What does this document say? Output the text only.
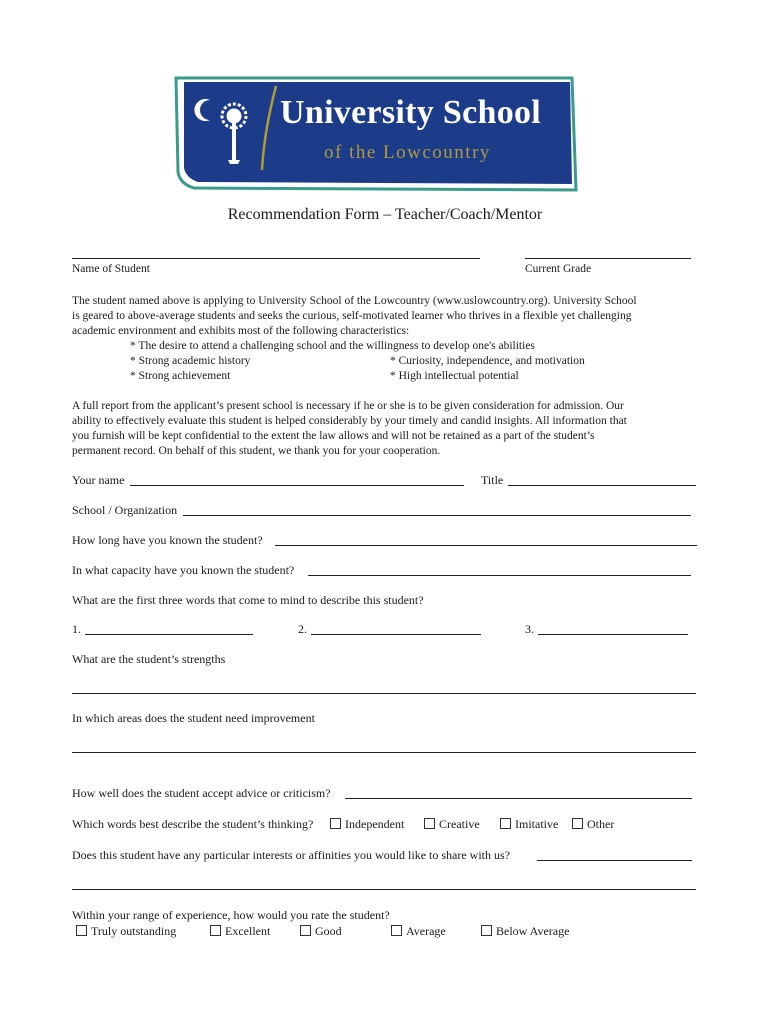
University School
of the Lowcountry
Recommendation Form – Teacher/Coach/Mentor
Name of Student	Current Grade
The student named above is applying to University School of the Lowcountry (www.uslowcountry.org). University School
is geared to above-average students and seeks the curious, self-motivated learner who thrives in a flexible yet challenging
academic environment and exhibits most of the following characteristics:
* The desire to attend a challenging school and the willingness to develop one's abilities
* Strong academic history	* Curiosity, independence, and motivation
* Strong achievement	* High intellectual potential
A full report from the applicant’s present school is necessary if he or she is to be given consideration for admission. Our
ability to effectively evaluate this student is helped considerably by your timely and candid insights. All information that
you furnish will be kept confidential to the extent the law allows and will not be retained as a part of the student’s
permanent record. On behalf of this student, we thank you for your cooperation.
Your name	Title
School / Organization
How long have you known the student?
In what capacity have you known the student?
What are the first three words that come to mind to describe this student?
1.	2.	3.
What are the student’s strengths
In which areas does the student need improvement
How well does the student accept advice or criticism?
Which words best describe the student’s thinking?	Independent	Creative	Imitative	Other
Does this student have any particular interests or affinities you would like to share with us?
Within your range of experience, how would you rate the student?
Truly outstanding	Excellent	Good	Average	Below Average
